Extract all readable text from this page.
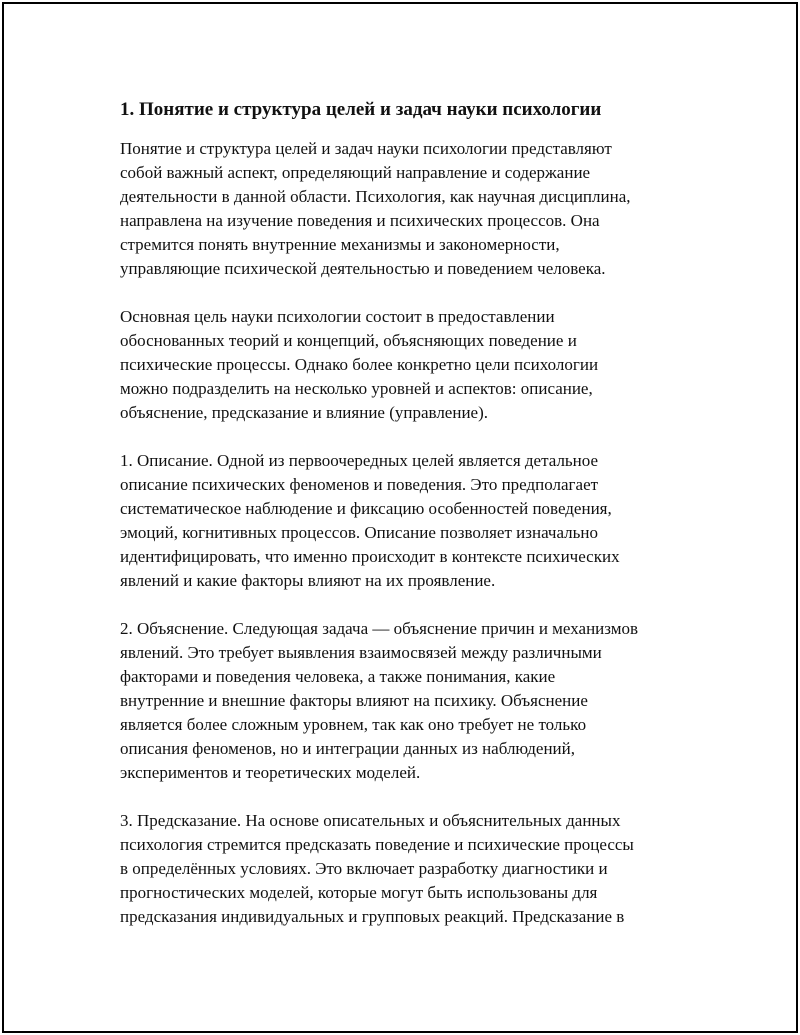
1. Понятие и структура целей и задач науки психологии
Понятие и структура целей и задач науки психологии представляют
собой важный аспект, определяющий направление и содержание
деятельности в данной области. Психология, как научная дисциплина,
направлена на изучение поведения и психических процессов. Она
стремится понять внутренние механизмы и закономерности,
управляющие психической деятельностью и поведением человека.
Основная цель науки психологии состоит в предоставлении
обоснованных теорий и концепций, объясняющих поведение и
психические процессы. Однако более конкретно цели психологии
можно подразделить на несколько уровней и аспектов: описание,
объяснение, предсказание и влияние (управление).
1. Описание. Одной из первоочередных целей является детальное
описание психических феноменов и поведения. Это предполагает
систематическое наблюдение и фиксацию особенностей поведения,
эмоций, когнитивных процессов. Описание позволяет изначально
идентифицировать, что именно происходит в контексте психических
явлений и какие факторы влияют на их проявление.
2. Объяснение. Следующая задача — объяснение причин и механизмов
явлений. Это требует выявления взаимосвязей между различными
факторами и поведения человека, а также понимания, какие
внутренние и внешние факторы влияют на психику. Объяснение
является более сложным уровнем, так как оно требует не только
описания феноменов, но и интеграции данных из наблюдений,
экспериментов и теоретических моделей.
3. Предсказание. На основе описательных и объяснительных данных
психология стремится предсказать поведение и психические процессы
в определённых условиях. Это включает разработку диагностики и
прогностических моделей, которые могут быть использованы для
предсказания индивидуальных и групповых реакций. Предсказание в
